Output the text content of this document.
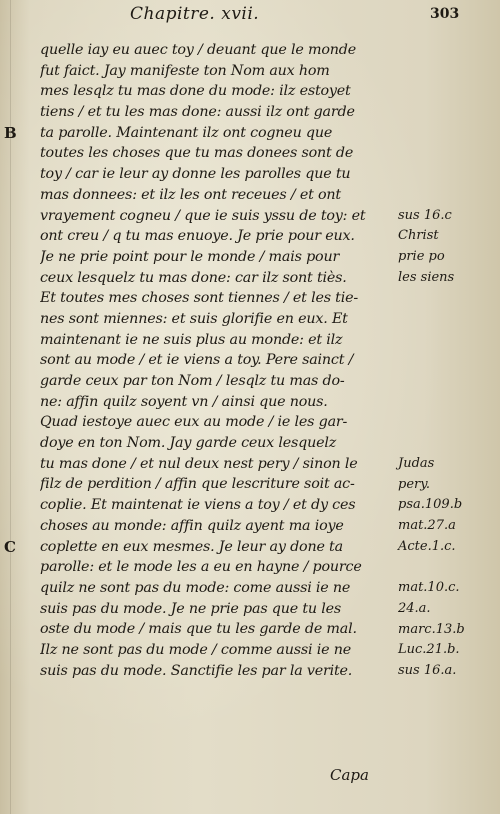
Chapitre. xvii.	303
quelle iay eu auec toy / deuant que le monde
fut faict. Jay manifeste ton Nom aux hom
mes lesqlz tu mas done du mode: ilz estoyet
tiens / et tu les mas done: aussi ilz ont garde
ta parolle. Maintenant ilz ont cogneu que
toutes les choses que tu mas donees sont de
toy / car ie leur ay donne les parolles que tu
mas donnees: et ilz les ont receues / et ont
vrayement cogneu / que ie suis yssu de toy: et
ont creu / q tu mas enuoye. Je prie pour eux.
Je ne prie point pour le monde / mais pour
ceux lesquelz tu mas done: car ilz sont tiès.
Et toutes mes choses sont tiennes / et les tie-
nes sont miennes: et suis glorifie en eux. Et
maintenant ie ne suis plus au monde: et ilz
sont au mode / et ie viens a toy. Pere sainct /
garde ceux par ton Nom / lesqlz tu mas do-
ne: affin quilz soyent vn / ainsi que nous.
Quad iestoye auec eux au mode / ie les gar-
doye en ton Nom. Jay garde ceux lesquelz
tu mas done / et nul deux nest pery / sinon le
filz de perdition / affin que lescriture soit ac-
coplie. Et maintenat ie viens a toy / et dy ces
choses au monde: affin quilz ayent ma ioye
coplette en eux mesmes. Je leur ay done ta
parolle: et le mode les a eu en hayne / pource
quilz ne sont pas du mode: come aussi ie ne
suis pas du mode. Je ne prie pas que tu les
oste du mode / mais que tu les garde de mal.
Ilz ne sont pas du mode / comme aussi ie ne
suis pas du mode. Sanctifie les par la verite.
sus 16.c
Christ
prie po
les siens
Judas
pery.
psa.109.b
mat.27.a
Acte.1.c.
mat.10.c.
24.a.
marc.13.b
Luc.21.b.
sus 16.a.
B
C
Capa
